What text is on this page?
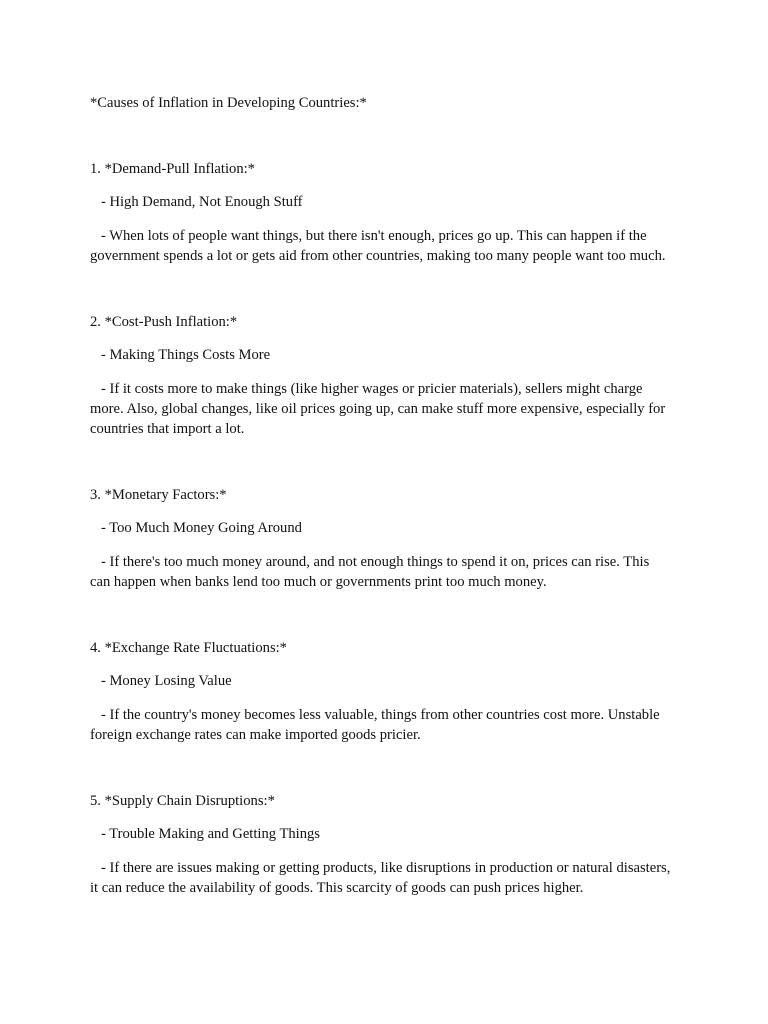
*Causes of Inflation in Developing Countries:*

1. *Demand-Pull Inflation:*

- High Demand, Not Enough Stuff

- When lots of people want things, but there isn't enough, prices go up. This can happen if the government spends a lot or gets aid from other countries, making too many people want too much.

2. *Cost-Push Inflation:*

- Making Things Costs More

- If it costs more to make things (like higher wages or pricier materials), sellers might charge more. Also, global changes, like oil prices going up, can make stuff more expensive, especially for countries that import a lot.

3. *Monetary Factors:*

- Too Much Money Going Around

- If there's too much money around, and not enough things to spend it on, prices can rise. This can happen when banks lend too much or governments print too much money.

4. *Exchange Rate Fluctuations:*

- Money Losing Value

- If the country's money becomes less valuable, things from other countries cost more. Unstable foreign exchange rates can make imported goods pricier.

5. *Supply Chain Disruptions:*

- Trouble Making and Getting Things

- If there are issues making or getting products, like disruptions in production or natural disasters, it can reduce the availability of goods. This scarcity of goods can push prices higher.
